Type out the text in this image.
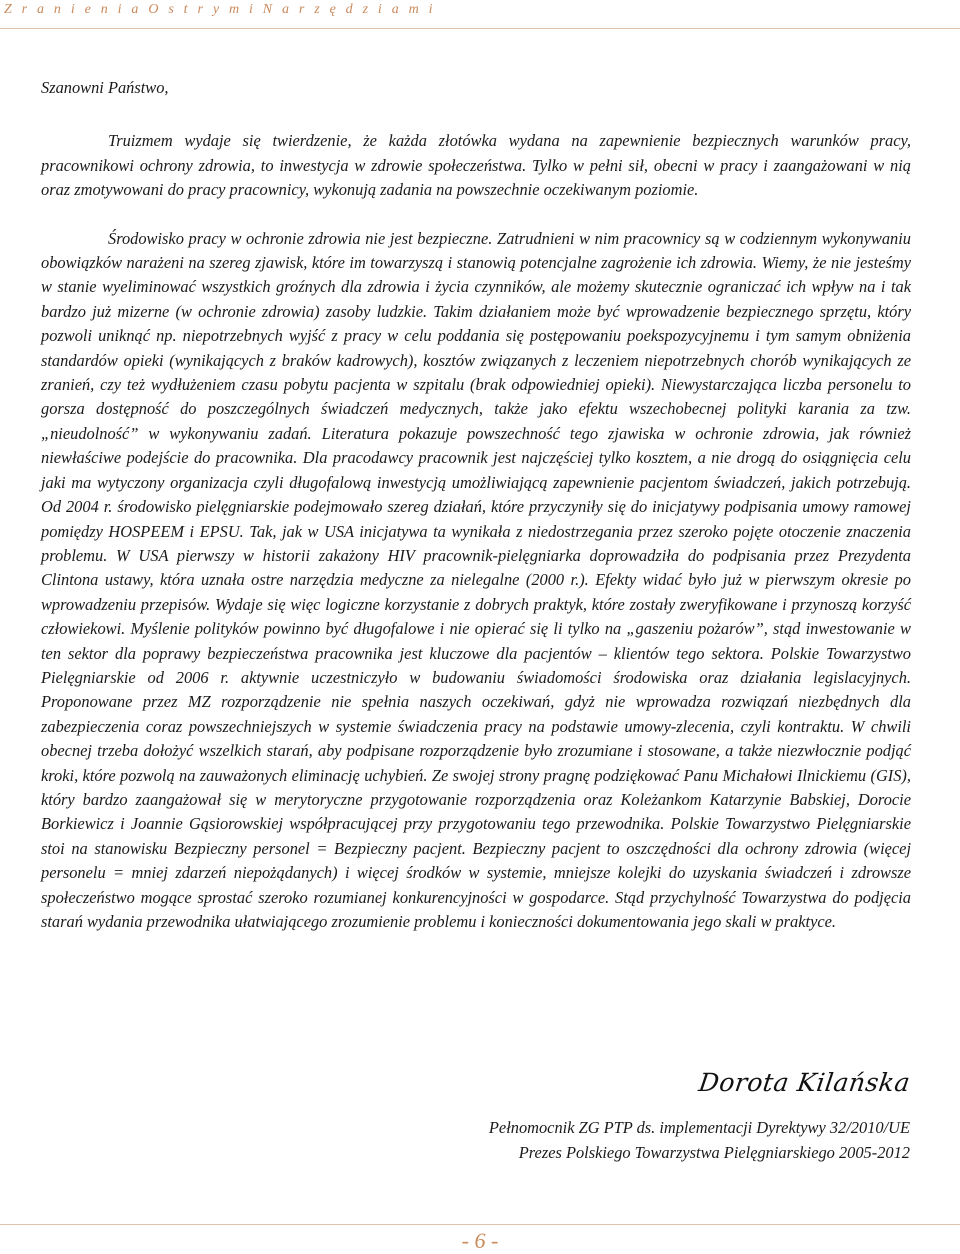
Z r a n i e n i a O s t r y m i N a r z ę d z i a m i

Szanowni Państwo,

Truizmem wydaje się twierdzenie, że każda złotówka wydana na zapewnienie bezpiecznych warunków pracy, pracownikowi ochrony zdrowia, to inwestycja w zdrowie społeczeństwa. Tylko w pełni sił, obecni w pracy i zaangażowani w nią oraz zmotywowani do pracy pracownicy, wykonują zadania na powszechnie oczekiwanym poziomie.

Środowisko pracy w ochronie zdrowia nie jest bezpieczne. Zatrudnieni w nim pracownicy są w codziennym wykonywaniu obowiązków narażeni na szereg zjawisk, które im towarzyszą i stanowią potencjalne zagrożenie ich zdrowia. Wiemy, że nie jesteśmy w stanie wyeliminować wszystkich groźnych dla zdrowia i życia czynników, ale możemy skutecznie ograniczać ich wpływ na i tak bardzo już mizerne (w ochronie zdrowia) zasoby ludzkie. Takim działaniem może być wprowadzenie bezpiecznego sprzętu, który pozwoli uniknąć np. niepotrzebnych wyjść z pracy w celu poddania się postępowaniu poekspozycyjnemu i tym samym obniżenia standardów opieki (wynikających z braków kadrowych), kosztów związanych z leczeniem niepotrzebnych chorób wynikających ze zranień, czy też wydłużeniem czasu pobytu pacjenta w szpitalu (brak odpowiedniej opieki). Niewystarczająca liczba personelu to gorsza dostępność do poszczególnych świadczeń medycznych, także jako efektu wszechobecnej polityki karania za tzw. „nieudolność” w wykonywaniu zadań. Literatura pokazuje powszechność tego zjawiska w ochronie zdrowia, jak również niewłaściwe podejście do pracownika. Dla pracodawcy pracownik jest najczęściej tylko kosztem, a nie drogą do osiągnięcia celu jaki ma wytyczony organizacja czyli długofalową inwestycją umożliwiającą zapewnienie pacjentom świadczeń, jakich potrzebują. Od 2004 r. środowisko pielęgniarskie podejmowało szereg działań, które przyczyniły się do inicjatywy podpisania umowy ramowej pomiędzy HOSPEEM i EPSU. Tak, jak w USA inicjatywa ta wynikała z niedostrzegania przez szeroko pojęte otoczenie znaczenia problemu. W USA pierwszy w historii zakażony HIV pracownik-pielęgniarka doprowadziła do podpisania przez Prezydenta Clintona ustawy, która uznała ostre narzędzia medyczne za nielegalne (2000 r.). Efekty widać było już w pierwszym okresie po wprowadzeniu przepisów. Wydaje się więc logiczne korzystanie z dobrych praktyk, które zostały zweryfikowane i przynoszą korzyść człowiekowi. Myślenie polityków powinno być długofalowe i nie opierać się li tylko na „gaszeniu pożarów”, stąd inwestowanie w ten sektor dla poprawy bezpieczeństwa pracownika jest kluczowe dla pacjentów – klientów tego sektora. Polskie Towarzystwo Pielęgniarskie od 2006 r. aktywnie uczestniczyło w budowaniu świadomości środowiska oraz działania legislacyjnych. Proponowane przez MZ rozporządzenie nie spełnia naszych oczekiwań, gdyż nie wprowadza rozwiązań niezbędnych dla zabezpieczenia coraz powszechniejszych w systemie świadczenia pracy na podstawie umowy-zlecenia, czyli kontraktu. W chwili obecnej trzeba dołożyć wszelkich starań, aby podpisane rozporządzenie było zrozumiane i stosowane, a także niezwłocznie podjąć kroki, które pozwolą na zauważonych eliminację uchybień. Ze swojej strony pragnę podziękować Panu Michałowi Ilnickiemu (GIS), który bardzo zaangażował się w merytoryczne przygotowanie rozporządzenia oraz Koleżankom Katarzynie Babskiej, Dorocie Borkiewicz i Joannie Gąsiorowskiej współpracującej przy przygotowaniu tego przewodnika. Polskie Towarzystwo Pielęgniarskie stoi na stanowisku Bezpieczny personel = Bezpieczny pacjent. Bezpieczny pacjent to oszczędności dla ochrony zdrowia (więcej personelu = mniej zdarzeń niepożądanych) i więcej środków w systemie, mniejsze kolejki do uzyskania świadczeń i zdrowsze społeczeństwo mogące sprostać szeroko rozumianej konkurencyjności w gospodarce. Stąd przychylność Towarzystwa do podjęcia starań wydania przewodnika ułatwiającego zrozumienie problemu i konieczności dokumentowania jego skali w praktyce.

Dorota Kilańska
Pełnomocnik ZG PTP ds. implementacji Dyrektywy 32/2010/UE
Prezes Polskiego Towarzystwa Pielęgniarskiego 2005-2012
- 6 -
